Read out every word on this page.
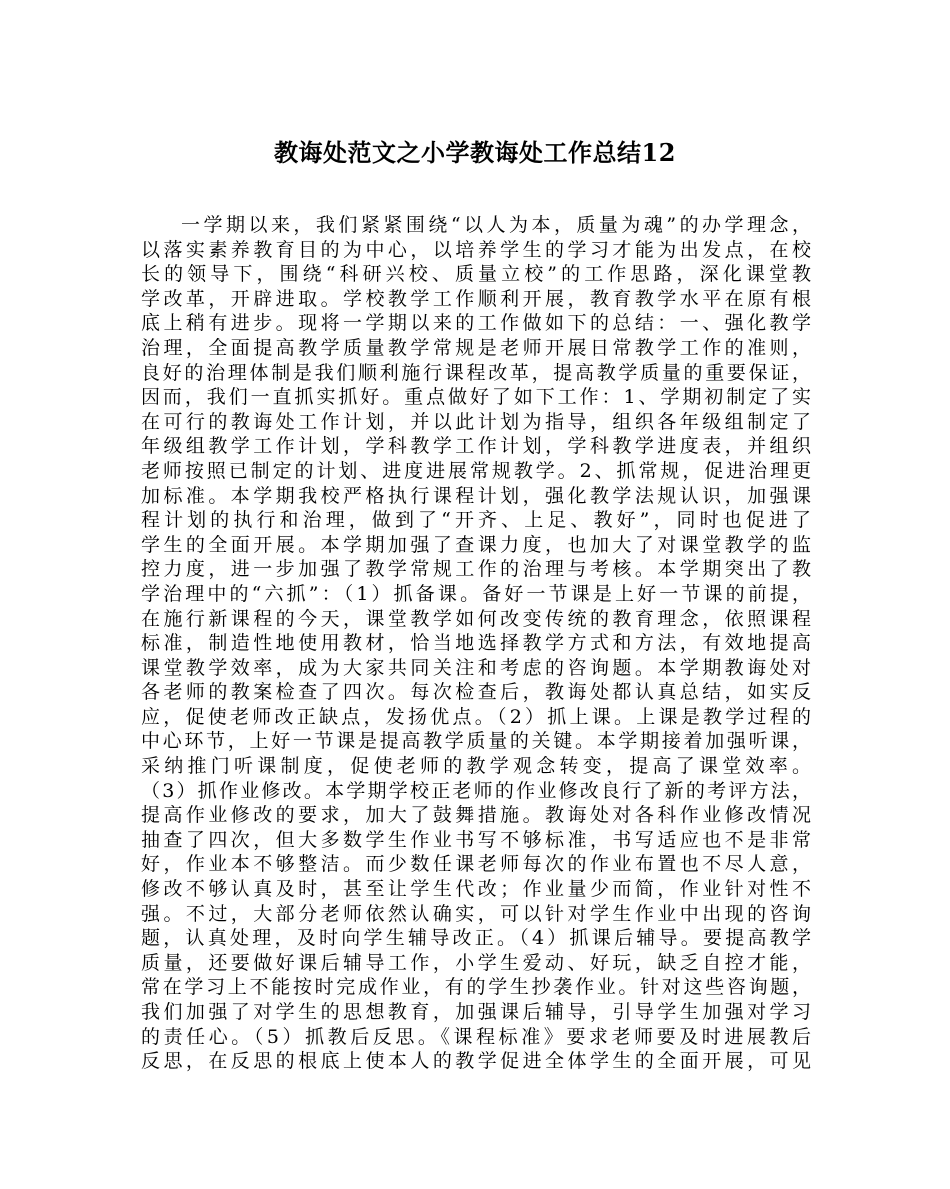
教诲处范文之小学教诲处工作总结12
一学期以来，我们紧紧围绕“以人为本，质量为魂”的办学理念，
以落实素养教育目的为中心，以培养学生的学习才能为出发点，在校
长的领导下，围绕“科研兴校、质量立校”的工作思路，深化课堂教
学改革，开辟进取。学校教学工作顺利开展，教育教学水平在原有根
底上稍有进步。现将一学期以来的工作做如下的总结：一、强化教学
治理，全面提高教学质量教学常规是老师开展日常教学工作的准则，
良好的治理体制是我们顺利施行课程改革，提高教学质量的重要保证，
因而，我们一直抓实抓好。重点做好了如下工作：1、学期初制定了实
在可行的教诲处工作计划，并以此计划为指导，组织各年级组制定了
年级组教学工作计划，学科教学工作计划，学科教学进度表，并组织
老师按照已制定的计划、进度进展常规教学。2、抓常规，促进治理更
加标准。本学期我校严格执行课程计划，强化教学法规认识，加强课
程计划的执行和治理，做到了“开齐、上足、教好”，同时也促进了
学生的全面开展。本学期加强了查课力度，也加大了对课堂教学的监
控力度，进一步加强了教学常规工作的治理与考核。本学期突出了教
学治理中的“六抓”：（1）抓备课。备好一节课是上好一节课的前提，
在施行新课程的今天，课堂教学如何改变传统的教育理念，依照课程
标准，制造性地使用教材，恰当地选择教学方式和方法，有效地提高
课堂教学效率，成为大家共同关注和考虑的咨询题。本学期教诲处对
各老师的教案检查了四次。每次检查后，教诲处都认真总结，如实反
应，促使老师改正缺点，发扬优点。（2）抓上课。上课是教学过程的
中心环节，上好一节课是提高教学质量的关键。本学期接着加强听课，
采纳推门听课制度，促使老师的教学观念转变，提高了课堂效率。
（3）抓作业修改。本学期学校正老师的作业修改良行了新的考评方法，
提高作业修改的要求，加大了鼓舞措施。教诲处对各科作业修改情况
抽查了四次，但大多数学生作业书写不够标准，书写适应也不是非常
好，作业本不够整洁。而少数任课老师每次的作业布置也不尽人意，
修改不够认真及时，甚至让学生代改；作业量少而简，作业针对性不
强。不过，大部分老师依然认确实，可以针对学生作业中出现的咨询
题，认真处理，及时向学生辅导改正。（4）抓课后辅导。要提高教学
质量，还要做好课后辅导工作，小学生爱动、好玩，缺乏自控才能，
常在学习上不能按时完成作业，有的学生抄袭作业。针对这些咨询题，
我们加强了对学生的思想教育，加强课后辅导，引导学生加强对学习
的责任心。（5）抓教后反思。《课程标准》要求老师要及时进展教后
反思，在反思的根底上使本人的教学促进全体学生的全面开展，可见
